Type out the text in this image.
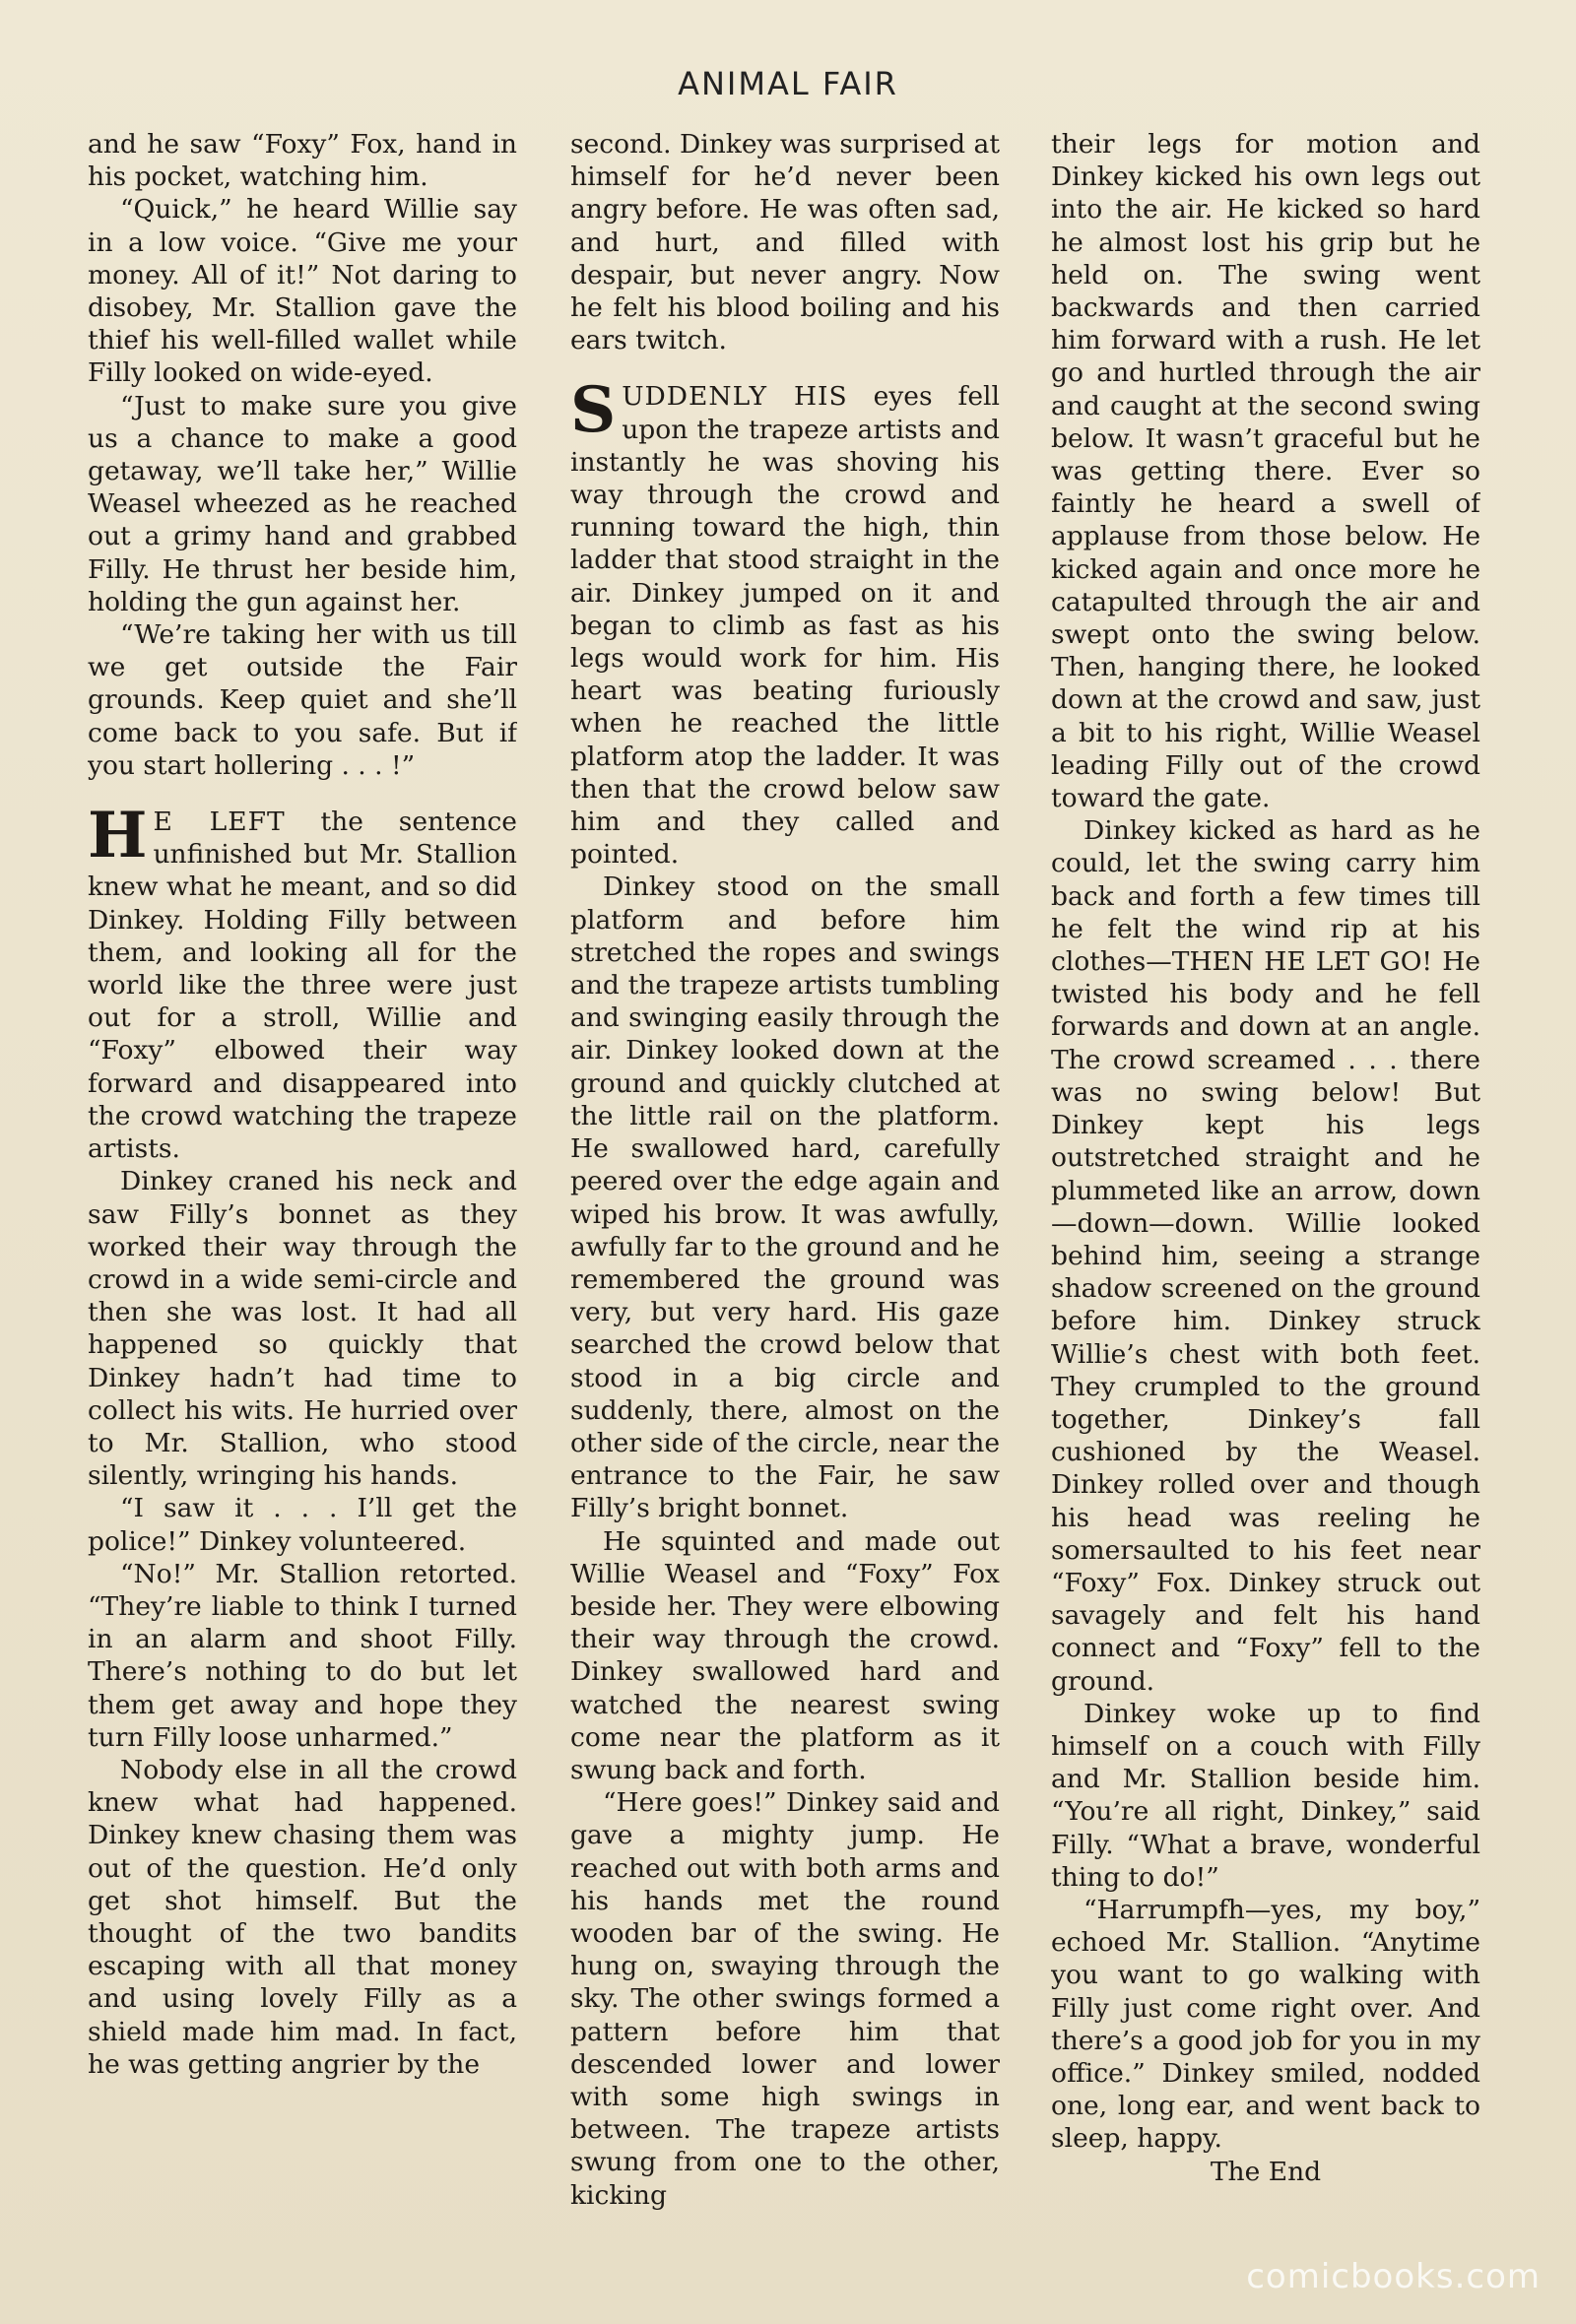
ANIMAL FAIR

and he saw “Foxy” Fox, hand in his pocket, watching him.

“Quick,” he heard Willie say in a low voice. “Give me your money. All of it!” Not daring to disobey, Mr. Stallion gave the thief his well-filled wallet while Filly looked on wide-eyed.

“Just to make sure you give us a chance to make a good getaway, we’ll take her,” Willie Weasel wheezed as he reached out a grimy hand and grabbed Filly. He thrust her beside him, holding the gun against her.

“We’re taking her with us till we get outside the Fair grounds. Keep quiet and she’ll come back to you safe. But if you start hollering . . . !”

H E LEFT the sentence unfinished but Mr. Stallion knew what he meant, and so did Dinkey. Holding Filly between them, and looking all for the world like the three were just out for a stroll, Willie and “Foxy” elbowed their way forward and disappeared into the crowd watching the trapeze artists.

Dinkey craned his neck and saw Filly’s bonnet as they worked their way through the crowd in a wide semi-circle and then she was lost. It had all happened so quickly that Dinkey hadn’t had time to collect his wits. He hurried over to Mr. Stallion, who stood silently, wringing his hands.

“I saw it . . . I’ll get the police!” Dinkey volunteered.

“No!” Mr. Stallion retorted. “They’re liable to think I turned in an alarm and shoot Filly. There’s nothing to do but let them get away and hope they turn Filly loose unharmed.”

Nobody else in all the crowd knew what had happened. Dinkey knew chasing them was out of the question. He’d only get shot himself. But the thought of the two bandits escaping with all that money and using lovely Filly as a shield made him mad. In fact, he was getting angrier by the

second. Dinkey was surprised at himself for he’d never been angry before. He was often sad, and hurt, and filled with despair, but never angry. Now he felt his blood boiling and his ears twitch.

SUDDENLY HIS eyes fell upon the trapeze artists and instantly he was shoving his way through the crowd and running toward the high, thin ladder that stood straight in the air. Dinkey jumped on it and began to climb as fast as his legs would work for him. His heart was beating furiously when he reached the little platform atop the ladder. It was then that the crowd below saw him and they called and pointed.

Dinkey stood on the small platform and before him stretched the ropes and swings and the trapeze artists tumbling and swinging easily through the air. Dinkey looked down at the ground and quickly clutched at the little rail on the platform. He swallowed hard, carefully peered over the edge again and wiped his brow. It was awfully, awfully far to the ground and he remembered the ground was very, but very hard. His gaze searched the crowd below that stood in a big circle and suddenly, there, almost on the other side of the circle, near the entrance to the Fair, he saw Filly’s bright bonnet.

He squinted and made out Willie Weasel and “Foxy” Fox beside her. They were elbowing their way through the crowd. Dinkey swallowed hard and watched the nearest swing come near the platform as it swung back and forth.

“Here goes!” Dinkey said and gave a mighty jump. He reached out with both arms and his hands met the round wooden bar of the swing. He hung on, swaying through the sky. The other swings formed a pattern before him that descended lower and lower with some high swings in between. The trapeze artists swung from one to the other, kicking

their legs for motion and Dinkey kicked his own legs out into the air. He kicked so hard he almost lost his grip but he held on. The swing went backwards and then carried him forward with a rush. He let go and hurtled through the air and caught at the second swing below. It wasn’t graceful but he was getting there. Ever so faintly he heard a swell of applause from those below. He kicked again and once more he catapulted through the air and swept onto the swing below. Then, hanging there, he looked down at the crowd and saw, just a bit to his right, Willie Weasel leading Filly out of the crowd toward the gate.

Dinkey kicked as hard as he could, let the swing carry him back and forth a few times till he felt the wind rip at his clothes—THEN HE LET GO! He twisted his body and he fell forwards and down at an angle. The crowd screamed . . . there was no swing below! But Dinkey kept his legs outstretched straight and he plummeted like an arrow, down—down—down. Willie looked behind him, seeing a strange shadow screened on the ground before him. Dinkey struck Willie’s chest with both feet. They crumpled to the ground together, Dinkey’s fall cushioned by the Weasel. Dinkey rolled over and though his head was reeling he somersaulted to his feet near “Foxy” Fox. Dinkey struck out savagely and felt his hand connect and “Foxy” fell to the ground.

Dinkey woke up to find himself on a couch with Filly and Mr. Stallion beside him. “You’re all right, Dinkey,” said Filly. “What a brave, wonderful thing to do!”

“Harrumpfh—yes, my boy,” echoed Mr. Stallion. “Anytime you want to go walking with Filly just come right over. And there’s a good job for you in my office.” Dinkey smiled, nodded one, long ear, and went back to sleep, happy.

The End

comicbooks.com
